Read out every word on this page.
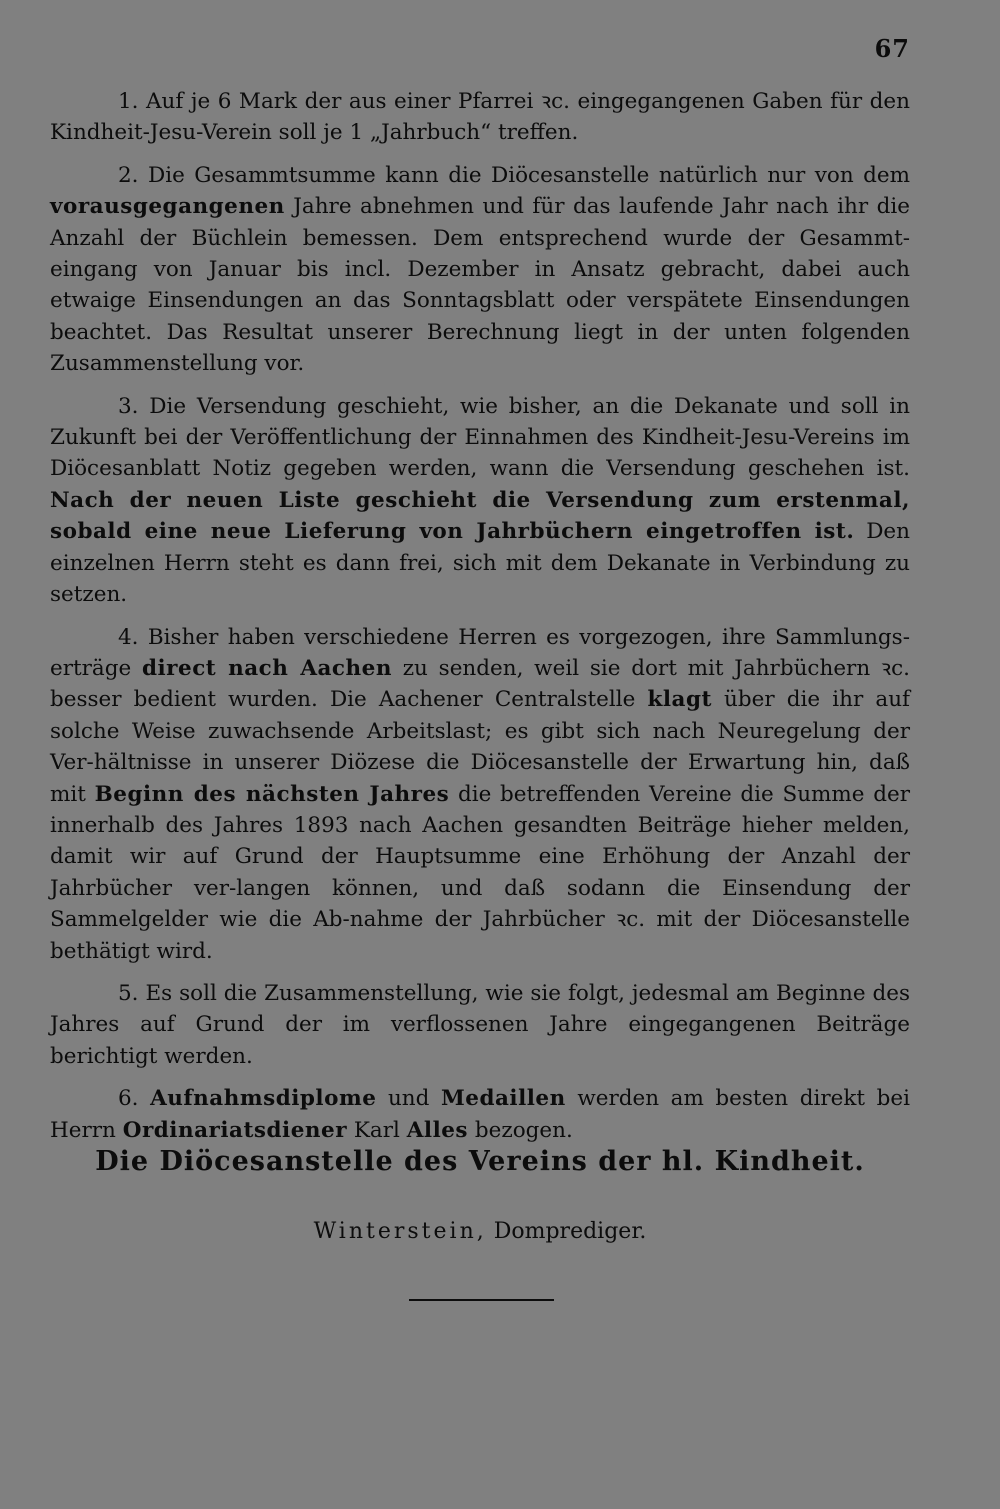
67

1. Auf je 6 Mark der aus einer Pfarrei ꝛc. eingegangenen Gaben für den Kindheit-Jesu-Verein soll je 1 „Jahrbuch“ treffen.

2. Die Gesammtsumme kann die Diöcesanstelle natürlich nur von dem vorausgegangenen Jahre abnehmen und für das laufende Jahr nach ihr die Anzahl der Büchlein bemessen. Dem entsprechend wurde der Gesammt-eingang von Januar bis incl. Dezember in Ansatz gebracht, dabei auch etwaige Einsendungen an das Sonntagsblatt oder verspätete Einsendungen beachtet. Das Resultat unserer Berechnung liegt in der unten folgenden Zusammenstellung vor.

3. Die Versendung geschieht, wie bisher, an die Dekanate und soll in Zukunft bei der Veröffentlichung der Einnahmen des Kindheit-Jesu-Vereins im Diöcesanblatt Notiz gegeben werden, wann die Versendung geschehen ist. Nach der neuen Liste geschieht die Versendung zum erstenmal, sobald eine neue Lieferung von Jahrbüchern eingetroffen ist. Den einzelnen Herrn steht es dann frei, sich mit dem Dekanate in Verbindung zu setzen.

4. Bisher haben verschiedene Herren es vorgezogen, ihre Sammlungs-erträge direct nach Aachen zu senden, weil sie dort mit Jahrbüchern ꝛc. besser bedient wurden. Die Aachener Centralstelle klagt über die ihr auf solche Weise zuwachsende Arbeitslast; es gibt sich nach Neuregelung der Ver-hältnisse in unserer Diözese die Diöcesanstelle der Erwartung hin, daß mit Beginn des nächsten Jahres die betreffenden Vereine die Summe der innerhalb des Jahres 1893 nach Aachen gesandten Beiträge hieher melden, damit wir auf Grund der Hauptsumme eine Erhöhung der Anzahl der Jahrbücher ver-langen können, und daß sodann die Einsendung der Sammelgelder wie die Ab-nahme der Jahrbücher ꝛc. mit der Diöcesanstelle bethätigt wird.

5. Es soll die Zusammenstellung, wie sie folgt, jedesmal am Beginne des Jahres auf Grund der im verflossenen Jahre eingegangenen Beiträge berichtigt werden.

6. Aufnahmsdiplome und Medaillen werden am besten direkt bei Herrn Ordinariatsdiener Karl Alles bezogen.

Die Diöcesanstelle des Vereins der hl. Kindheit.
Winterstein, Domprediger.
